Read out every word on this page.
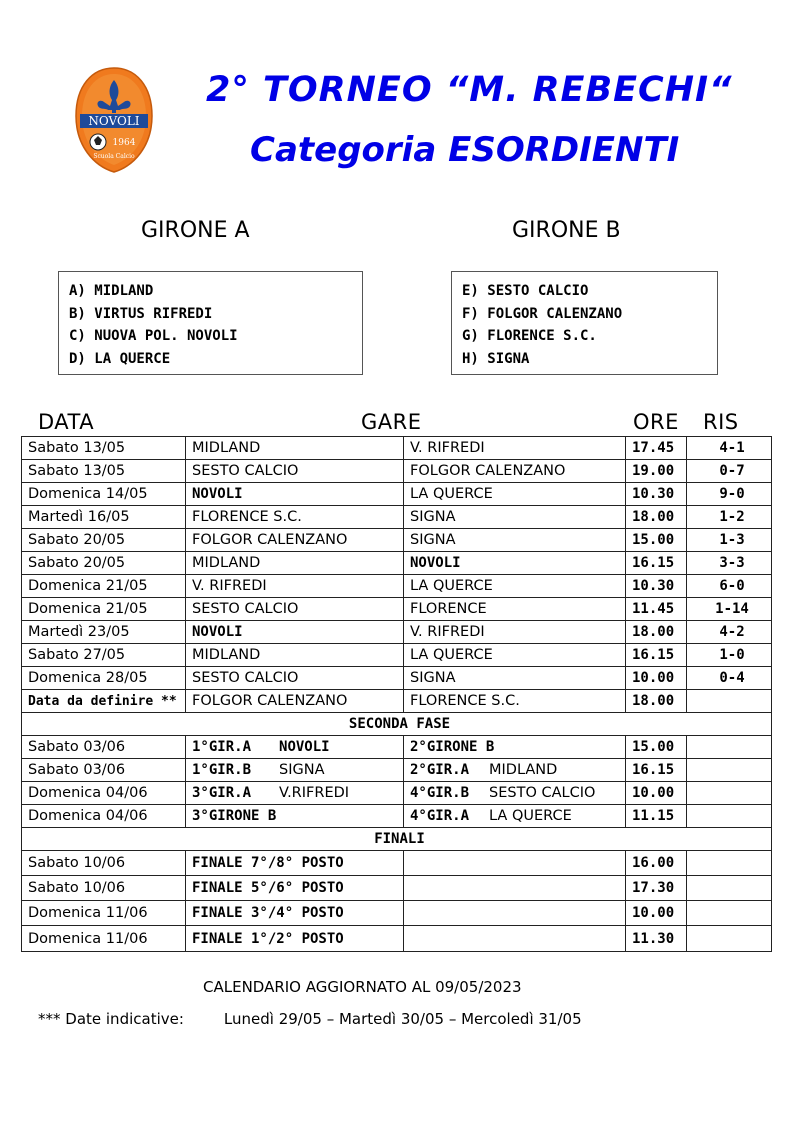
NOVOLI
1964
Scuola Calcio
2° TORNEO “M. REBECHI“
Categoria ESORDIENTI
GIRONE A	GIRONE B
A) MIDLAND
B) VIRTUS RIFREDI
C) NUOVA POL. NOVOLI
D) LA QUERCE
E) SESTO CALCIO
F) FOLGOR CALENZANO
G) FLORENCE S.C.
H) SIGNA
DATA	GARE	ORE RIS
Sabato 13/05	MIDLAND	V. RIFREDI	17.45	4-1
Sabato 13/05	SESTO CALCIO	FOLGOR CALENZANO	19.00	0-7
Domenica 14/05	NOVOLI	LA QUERCE	10.30	9-0
Martedì 16/05	FLORENCE S.C.	SIGNA	18.00	1-2
Sabato 20/05	FOLGOR CALENZANO	SIGNA	15.00	1-3
Sabato 20/05	MIDLAND	NOVOLI	16.15	3-3
Domenica 21/05	V. RIFREDI	LA QUERCE	10.30	6-0
Domenica 21/05	SESTO CALCIO	FLORENCE	11.45	1-14
Martedì 23/05	NOVOLI	V. RIFREDI	18.00	4-2
Sabato 27/05	MIDLAND	LA QUERCE	16.15	1-0
Domenica 28/05	SESTO CALCIO	SIGNA	10.00	0-4
Data da definire **	FOLGOR CALENZANO	FLORENCE S.C.	18.00	
SECONDA FASE				
Sabato 03/06	1°GIR.A NOVOLI	2°GIRONE B	15.00	
Sabato 03/06	1°GIR.B SIGNA	2°GIR.A MIDLAND	16.15	
Domenica 04/06	3°GIR.A V.RIFREDI	4°GIR.B SESTO CALCIO	10.00	
Domenica 04/06	3°GIRONE B	4°GIR.A LA QUERCE	11.15	
FINALI				
Sabato 10/06	FINALE 7°/8° POSTO		16.00	
Sabato 10/06	FINALE 5°/6° POSTO		17.30	
Domenica 11/06	FINALE 3°/4° POSTO		10.00	
Domenica 11/06	FINALE 1°/2° POSTO		11.30	
CALENDARIO AGGIORNATO AL 09/05/2023
*** Date indicative:	Lunedì 29/05 – Martedì 30/05 – Mercoledì 31/05
